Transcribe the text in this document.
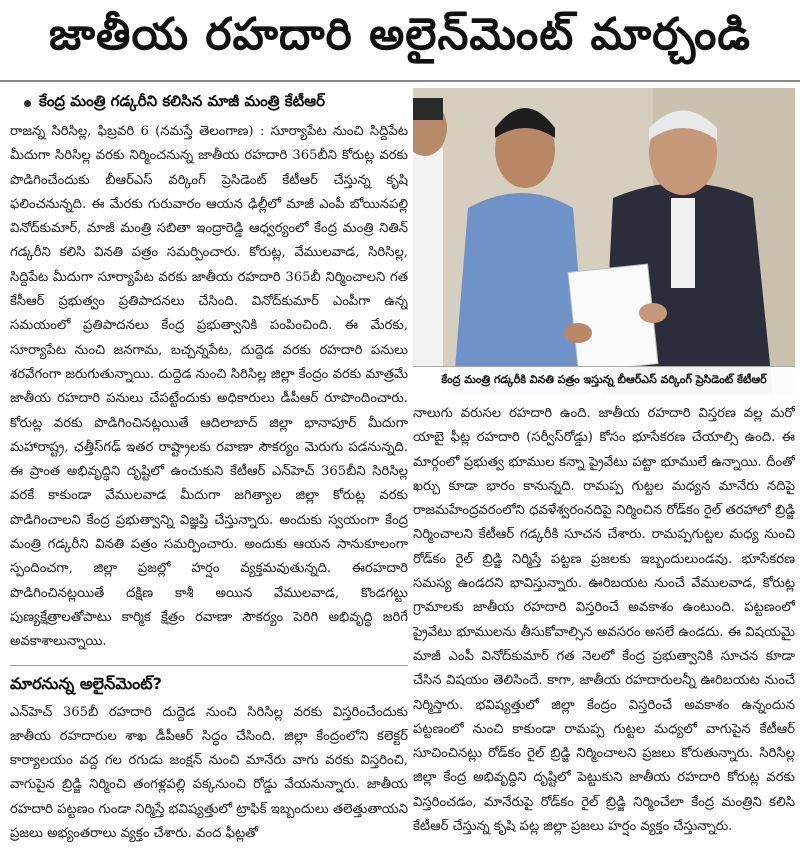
జాతీయ రహదారి అలైన్‌మెంట్ మార్చండి
కేంద్ర మంత్రి గడ్కరీని కలిసిన మాజీ మంత్రి కేటీఆర్

రాజన్న సిరిసిల్ల, ఫిబ్రవరి 6 (నమస్తే తెలంగాణ) : సూర్యాపేట నుంచి సిద్దిపేట మీదుగా సిరిసిల్ల వరకు నిర్మించనున్న జాతీయ రహదారి 365బీని కోరుట్ల వరకు పొడిగించేందుకు బీఆర్ఎస్ వర్కింగ్ ప్రెసిడెంట్ కేటీఆర్ చేస్తున్న కృషి ఫలించనున్నది. ఈ మేరకు గురువారం ఆయన ఢిల్లీలో మాజీ ఎంపీ బోయినపల్లి వినోద్‌కుమార్, మాజీ మంత్రి సబితా ఇంద్రారెడ్డి ఆధ్వర్యంలో కేంద్ర మంత్రి నితిన్ గడ్కరీని కలిసి వినతి పత్రం సమర్పించారు. కోరుట్ల, వేములవాడ, సిరిసిల్ల, సిద్దిపేట మీదుగా సూర్యాపేట వరకు జాతీయ రహదారి 365బీ నిర్మించాలని గత కేసీఆర్ ప్రభుత్వం ప్రతిపాదనలు చేసింది. వినోద్‌కుమార్ ఎంపీగా ఉన్న సమయంలో ప్రతిపాదనలు కేంద్ర ప్రభుత్వానికి పంపించింది. ఈ మేరకు, సూర్యాపేట నుంచి జనగామ, బచ్చన్నపేట, దుద్దెడ వరకు రహదారి పనులు శరవేగంగా జరుగుతున్నాయి. దుద్దెడ నుంచి సిరిసిల్ల జిల్లా కేంద్రం వరకు మాత్రమే జాతీయ రహదారి పనులు చేపట్టేందుకు అధికారులు డీపీఆర్ రూపొందించారు. కోరుట్ల వరకు పొడిగించినట్లయితే ఆదిలాబాద్ జిల్లా భానాపూర్ మీదుగా మహారాష్ట్ర, ఛత్తీస్‌గఢ్ ఇతర రాష్ట్రాలకు రవాణా సౌకర్యం మెరుగు పడనున్నది. ఈ ప్రాంత అభివృద్ధిని దృష్టిలో ఉంచుకుని కేటీఆర్ ఎన్‌హెచ్ 365బీని సిరిసిల్ల వరకే కాకుండా వేములవాడ మీదుగా జగిత్యాల జిల్లా కోరుట్ల వరకు పొడిగించాలని కేంద్ర ప్రభుత్వాన్ని విజ్ఞప్తి చేస్తున్నారు. అందుకు స్వయంగా కేంద్ర మంత్రి గడ్కరీని వినతి పత్రం సమర్పించారు. అందుకు ఆయన సానుకూలంగా స్పందించగా, జిల్లా ప్రజల్లో హర్షం వ్యక్తమవుతున్నది. ఈరహదారి పొడిగించినట్లయితే దక్షిణ కాశీ అయిన వేములవాడ, కొండగట్టు పుణ్యక్షేత్రాలతోపాటు కార్మిక క్షేత్రం రవాణా సౌకర్యం పెరిగి అభివృద్ధి జరిగే అవకాశాలున్నాయి.

మారనున్న అలైన్‌మెంట్?

ఎన్‌హెచ్ 365బీ రహదారి దుద్దెడ నుంచి సిరిసిల్ల వరకు విస్తరించేందుకు జాతీయ రహదారుల శాఖ డీపీఆర్ సిద్ధం చేసింది. జిల్లా కేంద్రంలోని కలెక్టర్ కార్యాలయం వద్ద గల రగుడు జంక్షన్ నుంచి మానేరు వాగు వరకు విస్తరించి, వాగుపైన బ్రిడ్జి నిర్మించి తంగళ్లపల్లి పక్కనుంచి రోడ్డు వేయనున్నారు. జాతీయ రహదారి పట్టణం గుండా నిర్మిస్తే భవిష్యత్తులో ట్రాఫిక్ ఇబ్బందులు తలెత్తుతాయని ప్రజలు అభ్యంతరాలు వ్యక్తం చేశారు. వంద ఫీట్లతో

కేంద్ర మంత్రి గడ్కరీకి వినతి పత్రం ఇస్తున్న బీఆర్ఎస్ వర్కింగ్ ప్రెసిడెంట్ కేటీఆర్

నాలుగు వరుసల రహదారి ఉంది. జాతీయ రహదారి విస్తరణ వల్ల మరో యాబై ఫీట్ల రహదారి (సర్వీస్‌రోడ్డు) కోసం భూసేకరణ చేయాల్సి ఉంది. ఈ మార్గంలో ప్రభుత్వ భూముల కన్నా ప్రైవేటు పట్టా భూములే ఉన్నాయి. దీంతో ఖర్చు కూడా భారం కానున్నది. రామప్ప గుట్టల మధ్యన మానేరు నదిపై రాజమహేంద్రవరంలోని ధవళేశ్వరంనదిపై నిర్మించిన రోడ్‌కం రైల్ తరహాలో బ్రిడ్జి నిర్మించాలని కేటీఆర్ గడ్కరీకి సూచన చేశారు. రామప్పగుట్టల మధ్య నుంచి రోడ్‌కం రైల్ బ్రిడ్జి నిర్మిస్తే పట్టణ ప్రజలకు ఇబ్బందులుండవు. భూసేకరణ సమస్య ఉండదని భావిస్తున్నారు. ఊరిబయట నుంచే వేములవాడ, కోరుట్ల గ్రామాలకు జాతీయ రహదారి విస్తరించే అవకాశం ఉంటుంది. పట్టణంలో ప్రైవేటు భూములను తీసుకోవాల్సిన అవసరం అసలే ఉండదు. ఈ విషయమై మాజీ ఎంపీ వినోద్‌కుమార్ గత నెలలో కేంద్ర ప్రభుత్వానికి సూచన కూడా చేసిన విషయం తెలిసిందే. కాగా, జాతీయ రహదారులన్నీ ఊరిబయట నుంచే నిర్మిస్తారు. భవిష్యత్తులో జిల్లా కేంద్రం విస్తరించే అవకాశం ఉన్నందున పట్టణంలో నుంచి కాకుండా రామప్ప గుట్టల మధ్యలో వాగుపైన కేటీఆర్ సూచించినట్లు రోడ్‌కం రైల్ బ్రిడ్జి నిర్మించాలని ప్రజలు కోరుతున్నారు. సిరిసిల్ల జిల్లా కేంద్ర అభివృద్ధిని దృష్టిలో పెట్టుకుని జాతీయ రహదారి కోరుట్ల వరకు విస్తరించడం, మానేరుపై రోడ్‌కం రైల్ బ్రిడ్జి నిర్మించేలా కేంద్ర మంత్రిని కలిసి కేటీఆర్ చేస్తున్న కృషి పట్ల జిల్లా ప్రజలు హర్షం వ్యక్తం చేస్తున్నారు.
